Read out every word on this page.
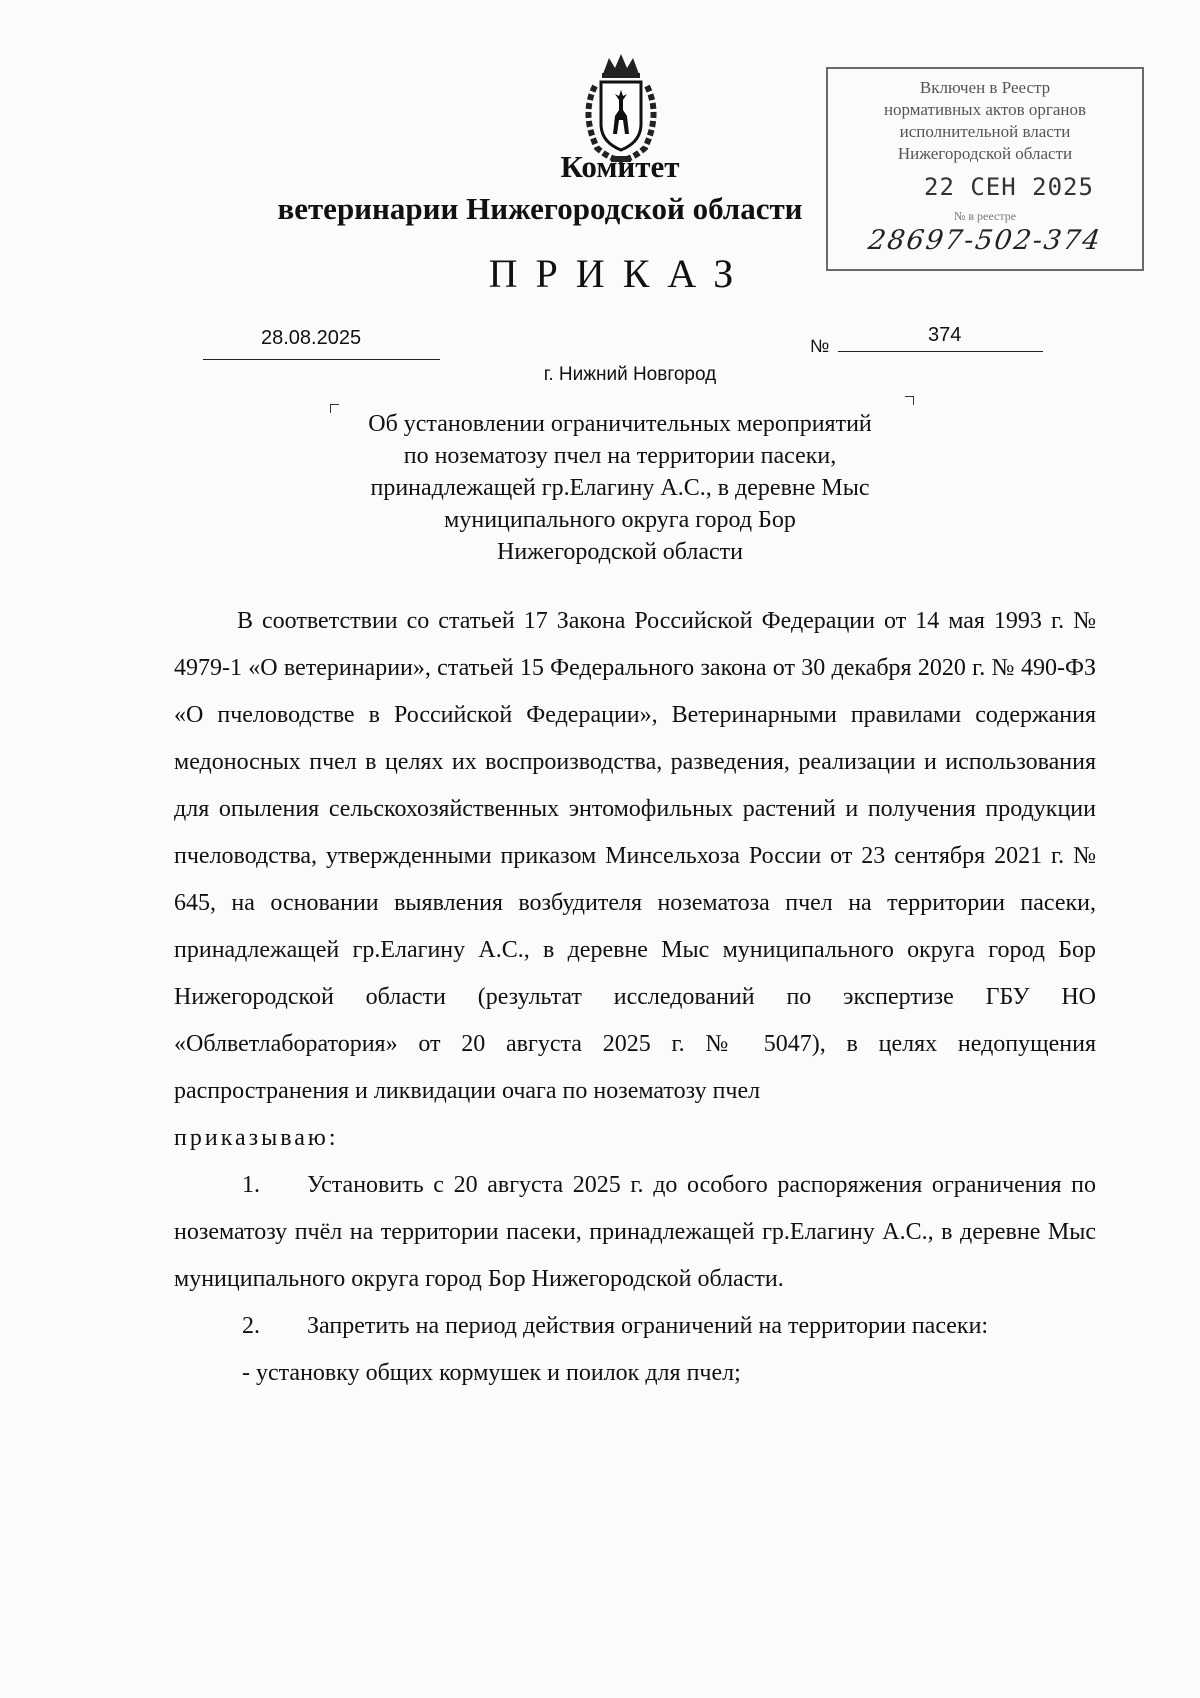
Комитет
ветеринарии Нижегородской области
ПРИКАЗ
Включен в Реестр
нормативных актов органов
исполнительной власти
Нижегородской области
22 СЕН 2025
№ в реестре
28697-502-374
28.08.2025	№	374
г. Нижний Новгород
Об установлении ограничительных мероприятий
по нозематозу пчел на территории пасеки,
принадлежащей гр.Елагину А.С., в деревне Мыс
муниципального округа город Бор
Нижегородской области

В соответствии со статьей 17 Закона Российской Федерации от 14 мая 1993 г. № 4979-1 «О ветеринарии», статьей 15 Федерального закона от 30 декабря 2020 г. № 490-ФЗ «О пчеловодстве в Российской Федерации», Ветеринарными правилами содержания медоносных пчел в целях их воспроизводства, разведения, реализации и использования для опыления сельскохозяйственных энтомофильных растений и получения продукции пчеловодства, утвержденными приказом Минсельхоза России от 23 сентября 2021 г. № 645, на основании выявления возбудителя нозематоза пчел на территории пасеки, принадлежащей гр.Елагину А.С., в деревне Мыс муниципального округа город Бор Нижегородской области (результат исследований по экспертизе ГБУ НО «Облветлаборатория» от 20 августа 2025 г. № 5047), в целях недопущения распространения и ликвидации очага по нозематозу пчел

приказываю:

1. Установить с 20 августа 2025 г. до особого распоряжения ограничения по нозематозу пчёл на территории пасеки, принадлежащей гр.Елагину А.С., в деревне Мыс муниципального округа город Бор Нижегородской области.

2. Запретить на период действия ограничений на территории пасеки:

- установку общих кормушек и поилок для пчел;
